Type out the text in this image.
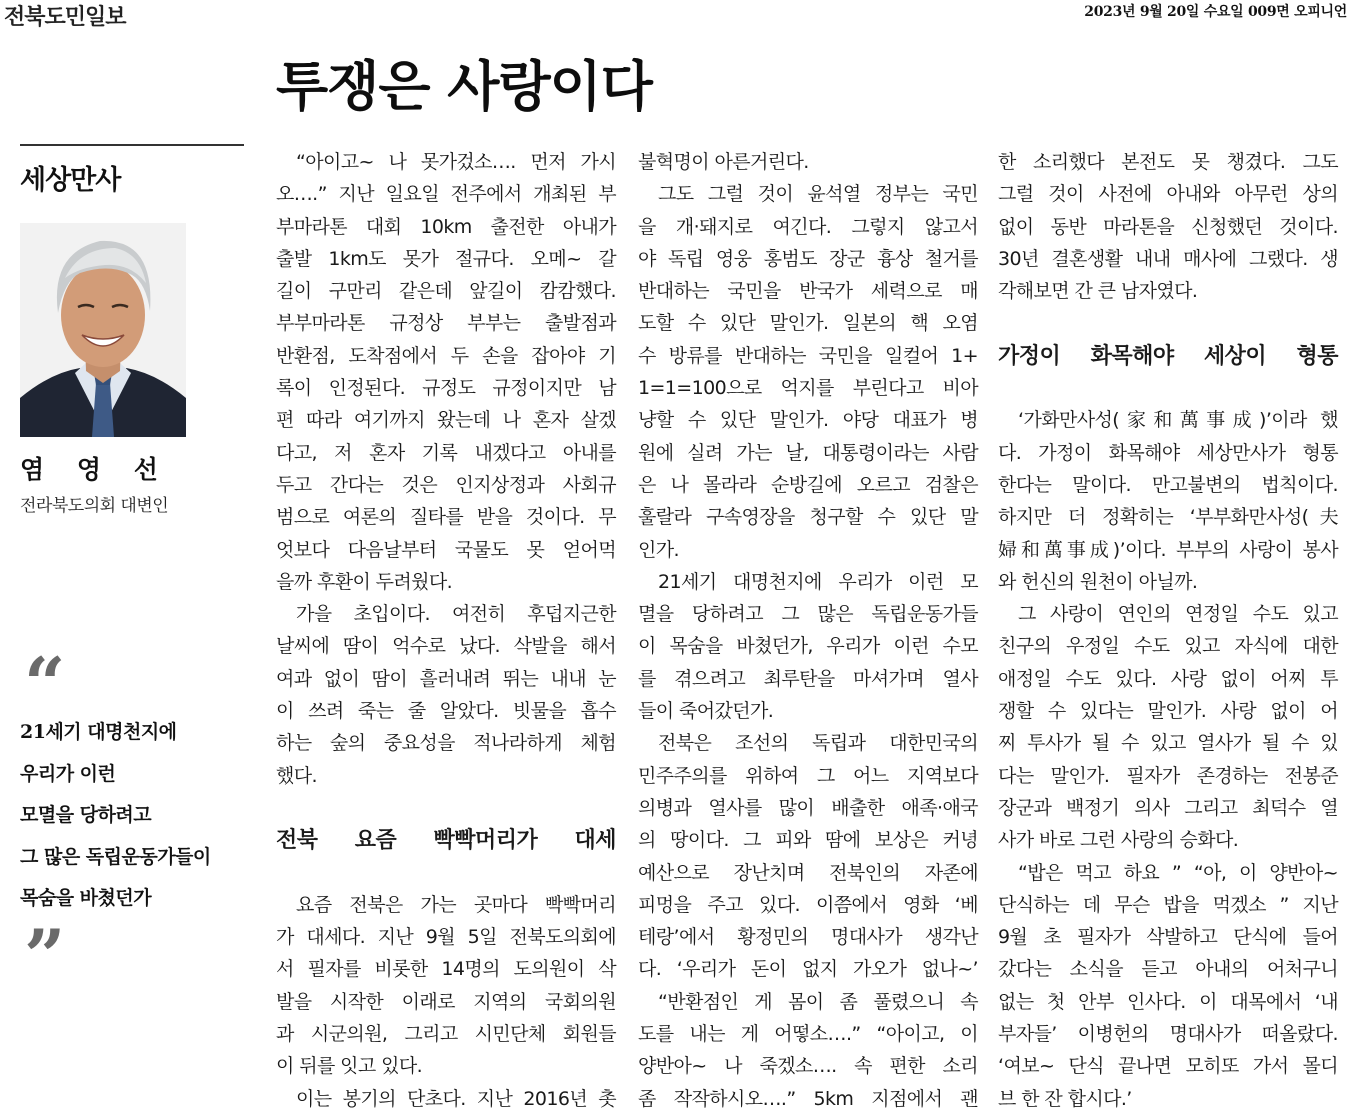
전북도민일보	2023년 9월 20일 수요일 009면 오피니언
투쟁은 사랑이다
세상만사
염 영 선
전라북도의회 대변인
“
21세기 대명천지에
우리가 이런
모멸을 당하려고
그 많은 독립운동가들이
목숨을 바쳤던가
”
“아이고~ 나 못가겄소…. 먼저 가시
오….” 지난 일요일 전주에서 개최된 부
부마라톤 대회 10km 출전한 아내가
출발 1km도 못가 절규다. 오메~ 갈
길이 구만리 같은데 앞길이 캄캄했다.
부부마라톤 규정상 부부는 출발점과
반환점, 도착점에서 두 손을 잡아야 기
록이 인정된다. 규정도 규정이지만 남
편 따라 여기까지 왔는데 나 혼자 살겠
다고, 저 혼자 기록 내겠다고 아내를
두고 간다는 것은 인지상정과 사회규
범으로 여론의 질타를 받을 것이다. 무
엇보다 다음날부터 국물도 못 얻어먹
을까 후환이 두려웠다.
가을 초입이다. 여전히 후덥지근한
날씨에 땀이 억수로 났다. 삭발을 해서
여과 없이 땀이 흘러내려 뛰는 내내 눈
이 쓰려 죽는 줄 알았다. 빗물을 흡수
하는 숲의 중요성을 적나라하게 체험
했다.
전북 요즘 빡빡머리가 대세
요즘 전북은 가는 곳마다 빡빡머리
가 대세다. 지난 9월 5일 전북도의회에
서 필자를 비롯한 14명의 도의원이 삭
발을 시작한 이래로 지역의 국회의원
과 시군의원, 그리고 시민단체 회원들
이 뒤를 잇고 있다.
이는 봉기의 단초다. 지난 2016년 촛
불혁명이 아른거린다.
그도 그럴 것이 윤석열 정부는 국민
을 개·돼지로 여긴다. 그렇지 않고서
야 독립 영웅 홍범도 장군 흉상 철거를
반대하는 국민을 반국가 세력으로 매
도할 수 있단 말인가. 일본의 핵 오염
수 방류를 반대하는 국민을 일컬어 1+
1=1=100으로 억지를 부린다고 비아
냥할 수 있단 말인가. 야당 대표가 병
원에 실려 가는 날, 대통령이라는 사람
은 나 몰라라 순방길에 오르고 검찰은
훌랄라 구속영장을 청구할 수 있단 말
인가.
21세기 대명천지에 우리가 이런 모
멸을 당하려고 그 많은 독립운동가들
이 목숨을 바쳤던가, 우리가 이런 수모
를 겪으려고 최루탄을 마셔가며 열사
들이 죽어갔던가.
전북은 조선의 독립과 대한민국의
민주주의를 위하여 그 어느 지역보다
의병과 열사를 많이 배출한 애족·애국
의 땅이다. 그 피와 땀에 보상은 커녕
예산으로 장난치며 전북인의 자존에
피멍을 주고 있다. 이쯤에서 영화 ‘베
테랑’에서 황정민의 명대사가 생각난
다. ‘우리가 돈이 없지 가오가 없나~’
“반환점인 게 몸이 좀 풀렸으니 속
도를 내는 게 어떻소….” “아이고, 이
양반아~ 나 죽겠소…. 속 편한 소리
좀 작작하시오….” 5km 지점에서 괜
한 소리했다 본전도 못 챙겼다. 그도
그럴 것이 사전에 아내와 아무런 상의
없이 동반 마라톤을 신청했던 것이다.
30년 결혼생활 내내 매사에 그랬다. 생
각해보면 간 큰 남자였다.
가정이 화목해야 세상이 형통
‘가화만사성(家和萬事成)’이라 했
다. 가정이 화목해야 세상만사가 형통
한다는 말이다. 만고불변의 법칙이다.
하지만 더 정확히는 ‘부부화만사성(夫
婦和萬事成)’이다. 부부의 사랑이 봉사
와 헌신의 원천이 아닐까.
그 사랑이 연인의 연정일 수도 있고
친구의 우정일 수도 있고 자식에 대한
애정일 수도 있다. 사랑 없이 어찌 투
쟁할 수 있다는 말인가. 사랑 없이 어
찌 투사가 될 수 있고 열사가 될 수 있
다는 말인가. 필자가 존경하는 전봉준
장군과 백정기 의사 그리고 최덕수 열
사가 바로 그런 사랑의 승화다.
“밥은 먹고 하요 ” “아, 이 양반아~
단식하는 데 무슨 밥을 먹겠소 ” 지난
9월 초 필자가 삭발하고 단식에 들어
갔다는 소식을 듣고 아내의 어처구니
없는 첫 안부 인사다. 이 대목에서 ‘내
부자들’ 이병헌의 명대사가 떠올랐다.
‘여보~ 단식 끝나면 모히또 가서 몰디
브 한 잔 합시다.’
